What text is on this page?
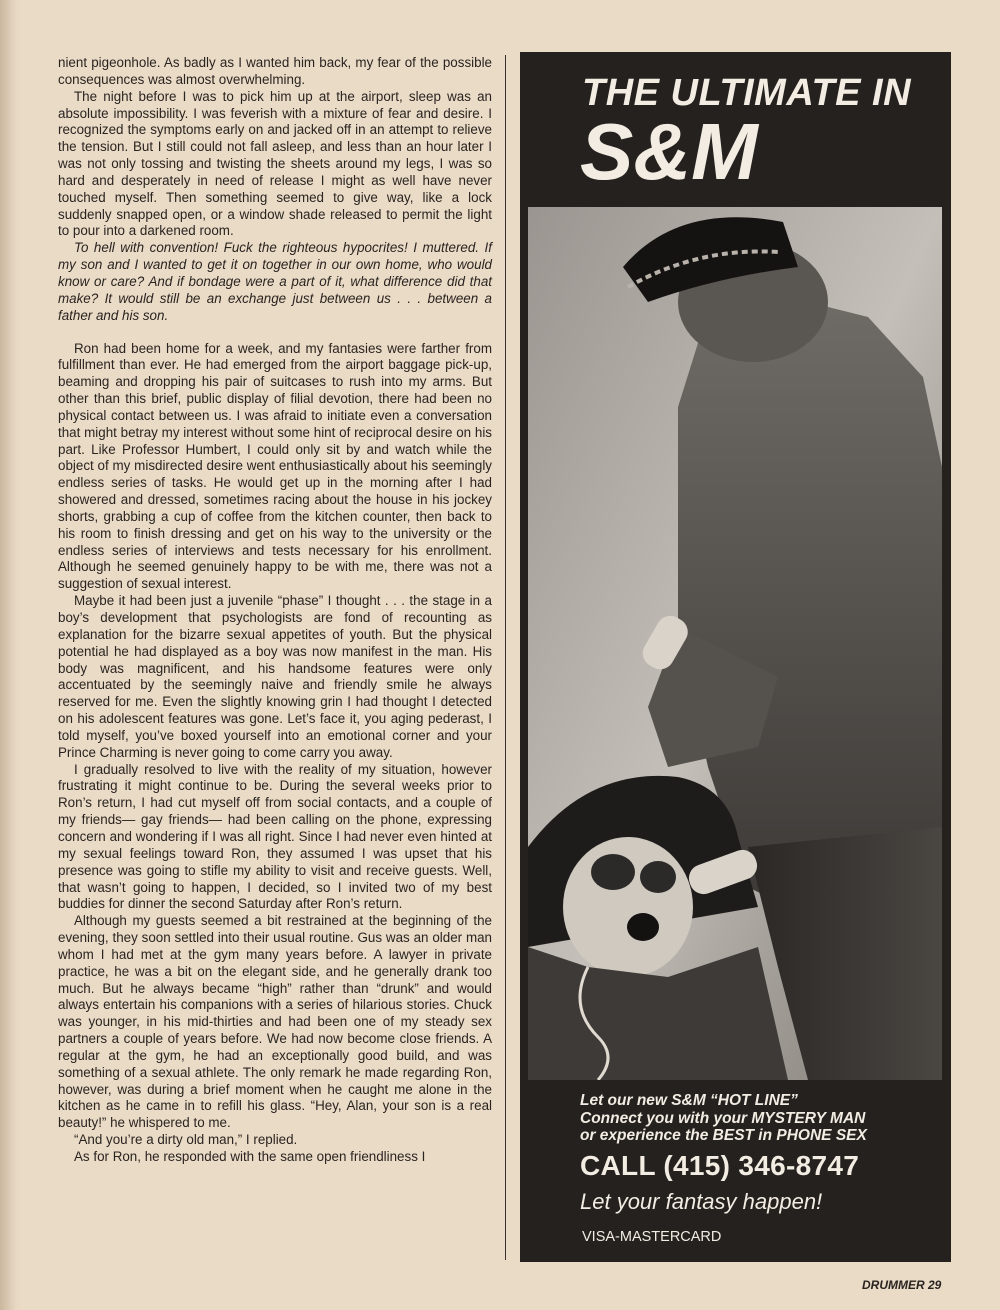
nient pigeonhole. As badly as I wanted him back, my fear of the possible consequences was almost overwhelming.

The night before I was to pick him up at the airport, sleep was an absolute impossibility. I was feverish with a mixture of fear and desire. I recognized the symptoms early on and jacked off in an attempt to relieve the tension. But I still could not fall asleep, and less than an hour later I was not only tossing and twisting the sheets around my legs, I was so hard and desperately in need of release I might as well have never touched myself. Then something seemed to give way, like a lock suddenly snapped open, or a window shade released to permit the light to pour into a darkened room.

To hell with convention! Fuck the righteous hypocrites! I muttered. If my son and I wanted to get it on together in our own home, who would know or care? And if bondage were a part of it, what difference did that make? It would still be an exchange just between us . . . between a father and his son.

Ron had been home for a week, and my fantasies were farther from fulfillment than ever. He had emerged from the airport baggage pick-up, beaming and dropping his pair of suitcases to rush into my arms. But other than this brief, public display of filial devotion, there had been no physical contact between us. I was afraid to initiate even a conversation that might betray my interest without some hint of reciprocal desire on his part. Like Professor Humbert, I could only sit by and watch while the object of my misdirected desire went enthusiastically about his seemingly endless series of tasks. He would get up in the morning after I had showered and dressed, sometimes racing about the house in his jockey shorts, grabbing a cup of coffee from the kitchen counter, then back to his room to finish dressing and get on his way to the university or the endless series of interviews and tests necessary for his enrollment. Although he seemed genuinely happy to be with me, there was not a suggestion of sexual interest.

Maybe it had been just a juvenile “phase” I thought . . . the stage in a boy’s development that psychologists are fond of recounting as explanation for the bizarre sexual appetites of youth. But the physical potential he had displayed as a boy was now manifest in the man. His body was magnificent, and his handsome features were only accentuated by the seemingly naive and friendly smile he always reserved for me. Even the slightly knowing grin I had thought I detected on his adolescent features was gone. Let’s face it, you aging pederast, I told myself, you’ve boxed yourself into an emotional corner and your Prince Charming is never going to come carry you away.

I gradually resolved to live with the reality of my situation, however frustrating it might continue to be. During the several weeks prior to Ron’s return, I had cut myself off from social contacts, and a couple of my friends— gay friends— had been calling on the phone, expressing concern and wondering if I was all right. Since I had never even hinted at my sexual feelings toward Ron, they assumed I was upset that his presence was going to stifle my ability to visit and receive guests. Well, that wasn’t going to happen, I decided, so I invited two of my best buddies for dinner the second Saturday after Ron’s return.

Although my guests seemed a bit restrained at the beginning of the evening, they soon settled into their usual routine. Gus was an older man whom I had met at the gym many years before. A lawyer in private practice, he was a bit on the elegant side, and he generally drank too much. But he always became “high” rather than “drunk” and would always entertain his companions with a series of hilarious stories. Chuck was younger, in his mid-thirties and had been one of my steady sex partners a couple of years before. We had now become close friends. A regular at the gym, he had an exceptionally good build, and was something of a sexual athlete. The only remark he made regarding Ron, however, was during a brief moment when he caught me alone in the kitchen as he came in to refill his glass. “Hey, Alan, your son is a real beauty!” he whispered to me.

“And you’re a dirty old man,” I replied.

As for Ron, he responded with the same open friendliness I

THE ULTIMATE IN
S&M
Let our new S&M “HOT LINE”
Connect you with your MYSTERY MAN
or experience the BEST in PHONE SEX
CALL (415) 346-8747
Let your fantasy happen!
VISA-MASTERCARD
DRUMMER 29
